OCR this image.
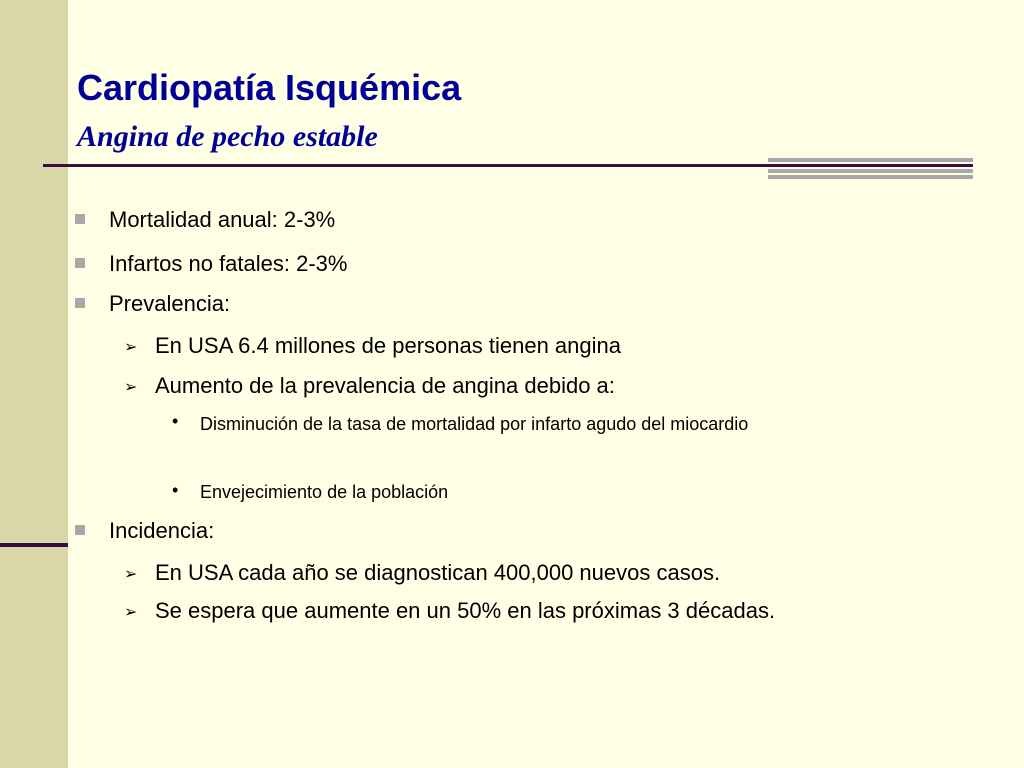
Cardiopatía Isquémica
Angina de pecho estable
Mortalidad anual: 2-3%
Infartos no fatales: 2-3%
Prevalencia:
➢ En USA 6.4 millones de personas tienen angina
➢ Aumento de la prevalencia de angina debido a:
• Disminución de la tasa de mortalidad por infarto agudo del miocardio
• Envejecimiento de la población
Incidencia:
➢ En USA cada año se diagnostican 400,000 nuevos casos.
➢ Se espera que aumente en un 50% en las próximas 3 décadas.
